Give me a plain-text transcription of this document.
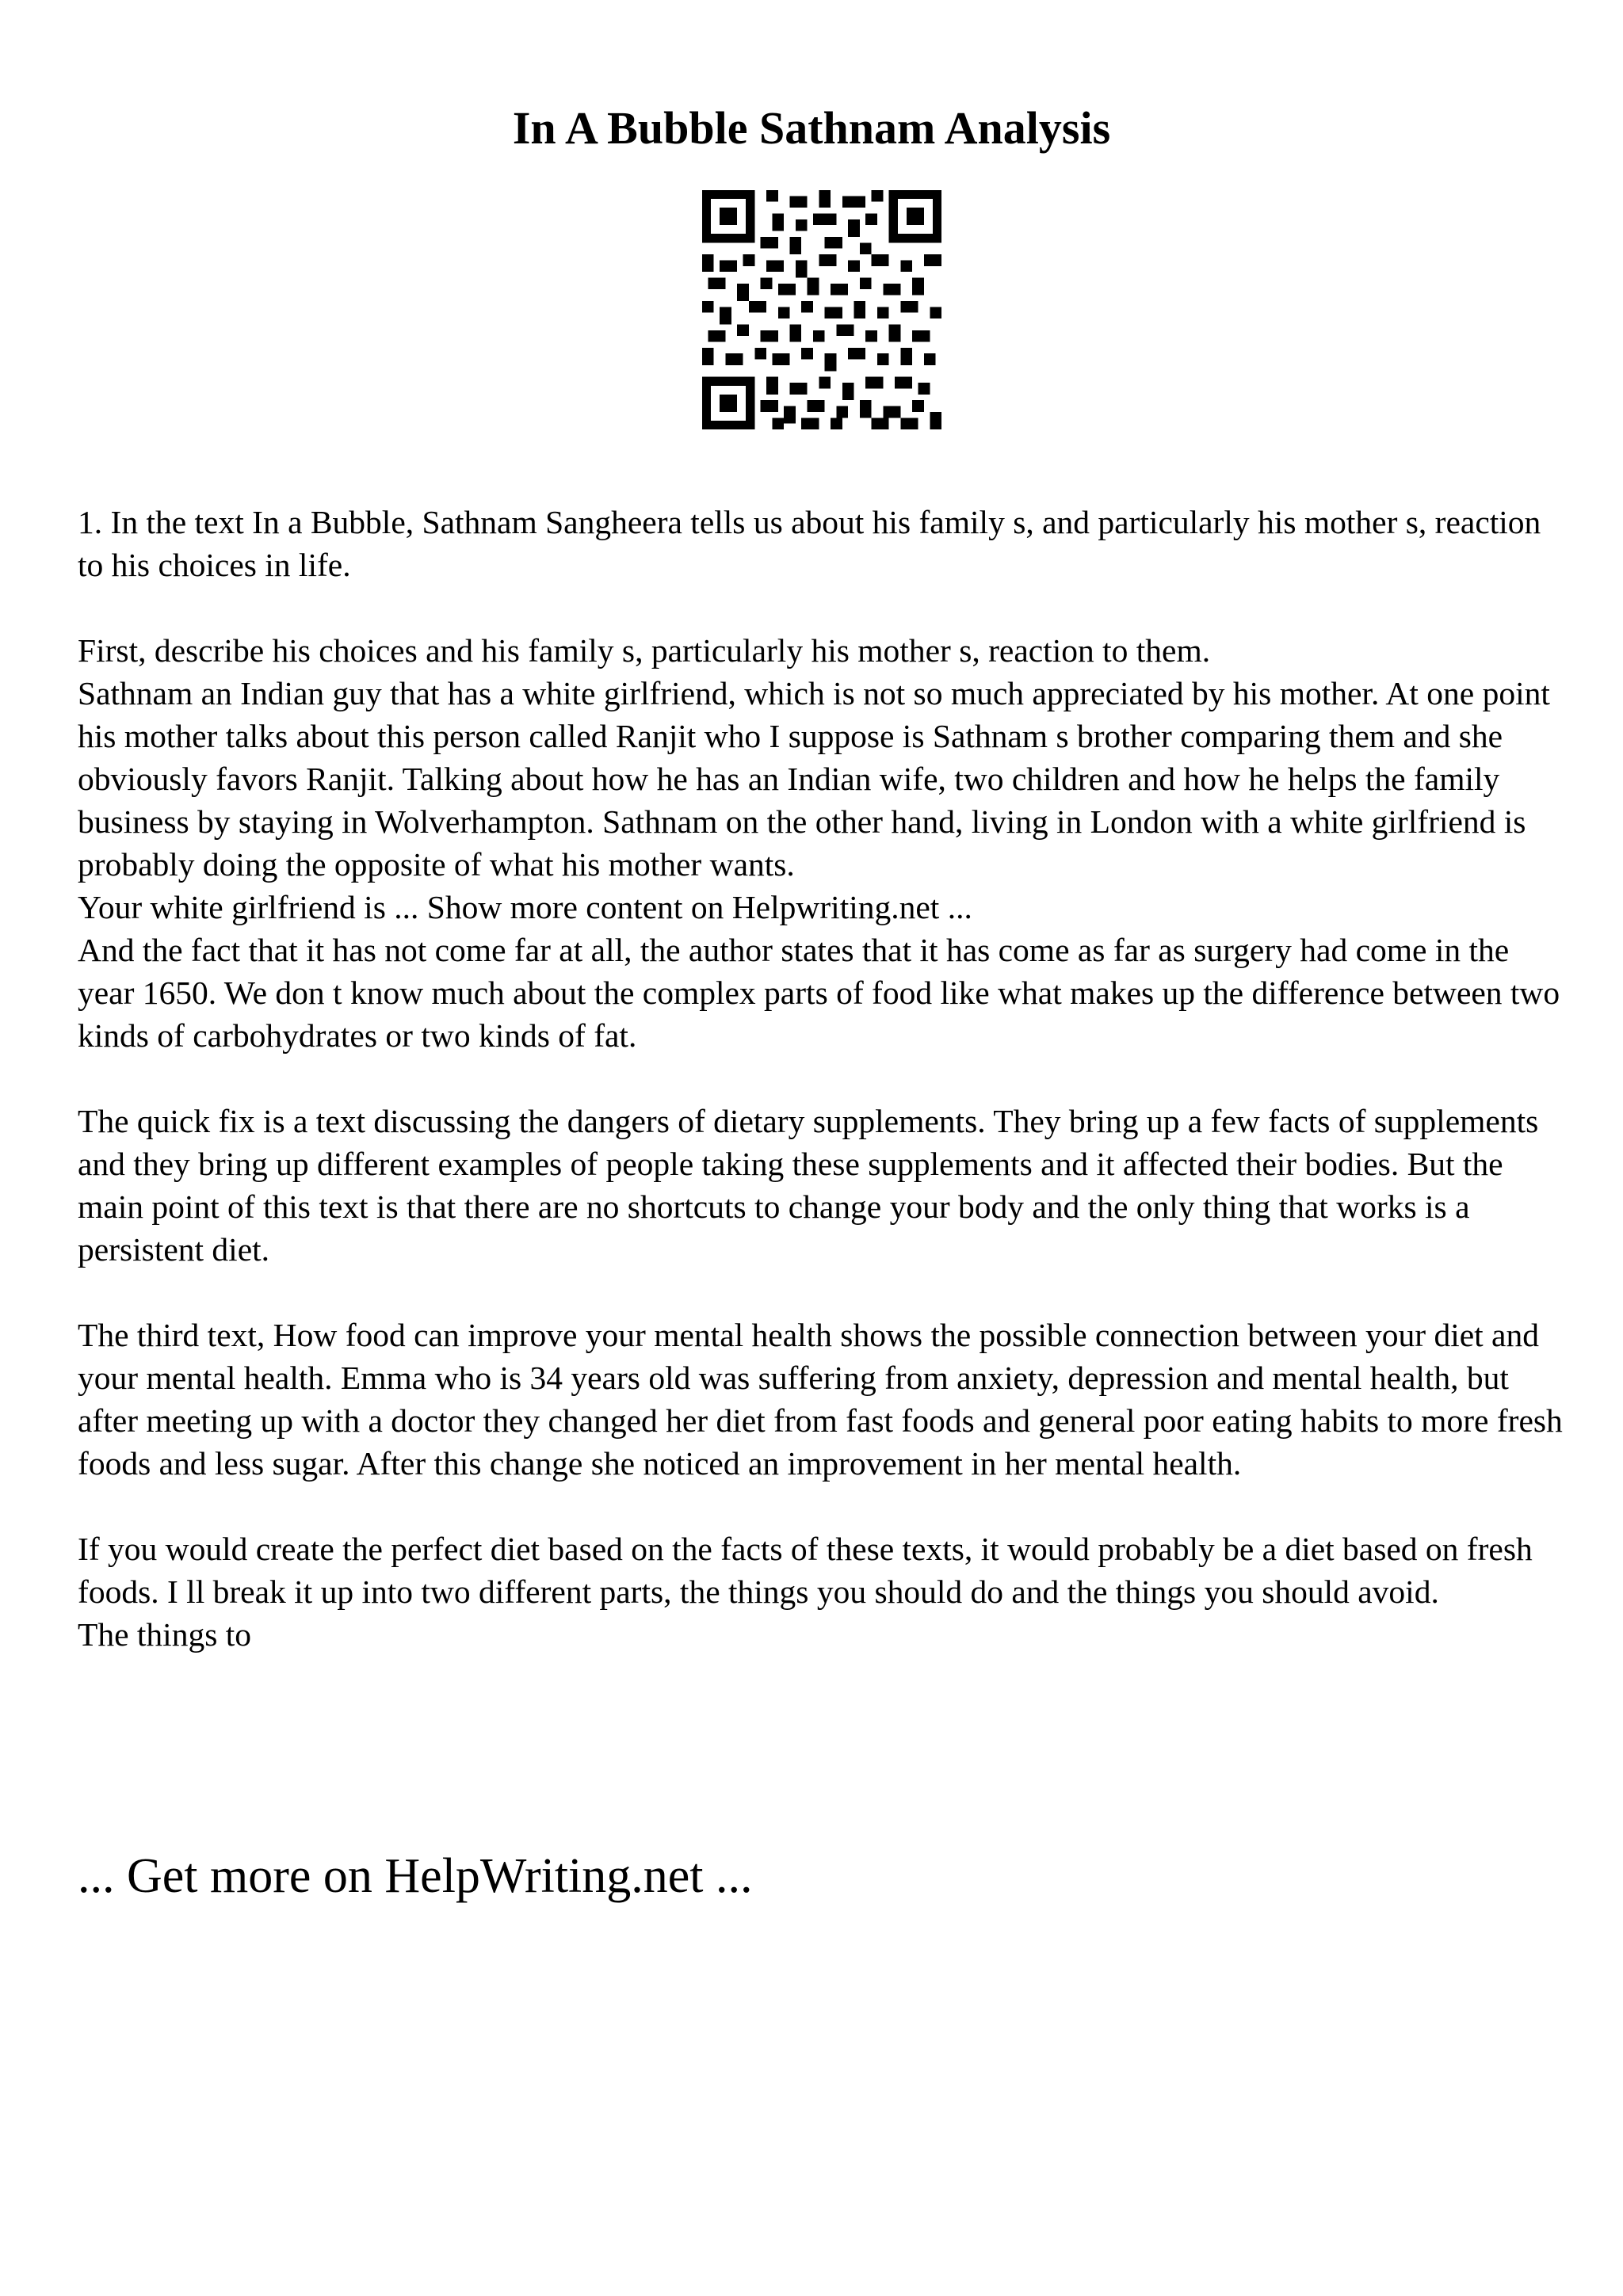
In A Bubble Sathnam Analysis

1. In the text In a Bubble, Sathnam Sangheera tells us about his family s, and particularly his mother s, reaction to his choices in life.

First, describe his choices and his family s, particularly his mother s, reaction to them.

Sathnam an Indian guy that has a white girlfriend, which is not so much appreciated by his mother. At one point his mother talks about this person called Ranjit who I suppose is Sathnam s brother comparing them and she obviously favors Ranjit. Talking about how he has an Indian wife, two children and how he helps the family business by staying in Wolverhampton. Sathnam on the other hand, living in London with a white girlfriend is probably doing the opposite of what his mother wants.

Your white girlfriend is ... Show more content on Helpwriting.net ...

And the fact that it has not come far at all, the author states that it has come as far as surgery had come in the year 1650. We don t know much about the complex parts of food like what makes up the difference between two kinds of carbohydrates or two kinds of fat.

The quick fix is a text discussing the dangers of dietary supplements. They bring up a few facts of supplements and they bring up different examples of people taking these supplements and it affected their bodies. But the main point of this text is that there are no shortcuts to change your body and the only thing that works is a persistent diet.

The third text, How food can improve your mental health shows the possible connection between your diet and your mental health. Emma who is 34 years old was suffering from anxiety, depression and mental health, but after meeting up with a doctor they changed her diet from fast foods and general poor eating habits to more fresh foods and less sugar. After this change she noticed an improvement in her mental health.

If you would create the perfect diet based on the facts of these texts, it would probably be a diet based on fresh foods. I ll break it up into two different parts, the things you should do and the things you should avoid.

The things to

... Get more on HelpWriting.net ...
